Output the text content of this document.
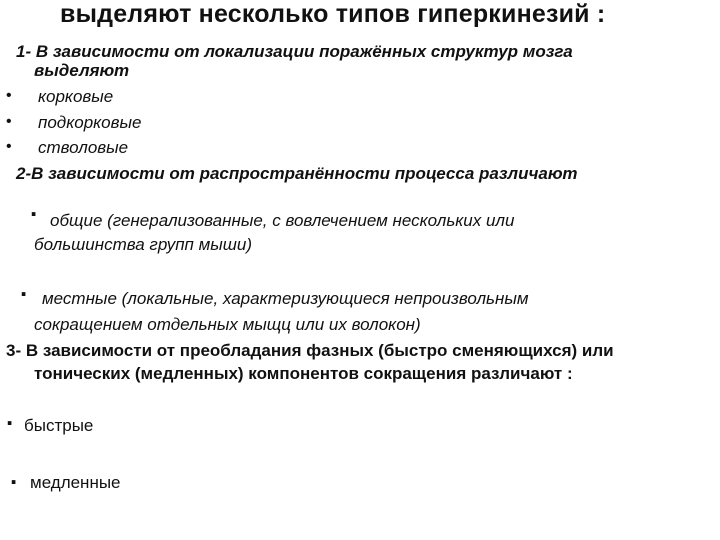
выделяют несколько типов гиперкинезий :
1- В зависимости от локализации поражённых структур мозга
выделяют
• корковые
• подкорковые
• стволовые
2-В зависимости от распространённости процесса различают
. общие (генерализованные, с вовлечением нескольких или
большинства групп мыши)
. местные (локальные, характеризующиеся непроизвольным
сокращением отдельных мыщц или их волокон)
3- В зависимости от преобладания фазных (быстро сменяющихся) или
тонических (медленных) компонентов сокращения различают :
. быстрые
. медленные
